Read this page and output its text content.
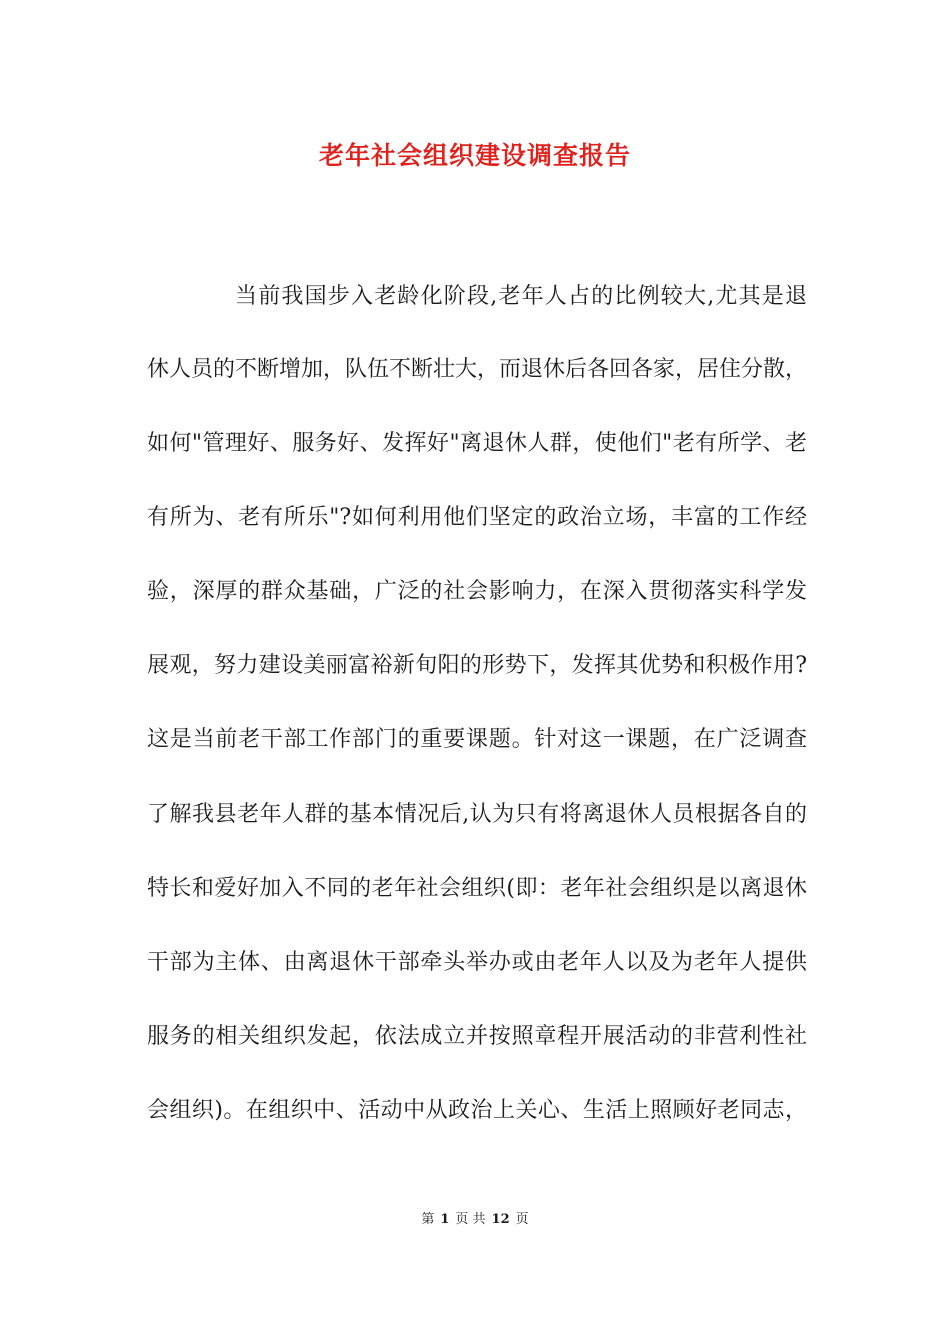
老年社会组织建设调查报告

当前我国步入老龄化阶段,老年人占的比例较大,尤其是退

休人员的不断增加，队伍不断壮大，而退休后各回各家，居住分散，

如何"管理好、服务好、发挥好"离退休人群，使他们"老有所学、老

有所为、老有所乐"?如何利用他们坚定的政治立场，丰富的工作经

验，深厚的群众基础，广泛的社会影响力，在深入贯彻落实科学发

展观，努力建设美丽富裕新旬阳的形势下，发挥其优势和积极作用?

这是当前老干部工作部门的重要课题。针对这一课题，在广泛调查

了解我县老年人群的基本情况后,认为只有将离退休人员根据各自的

特长和爱好加入不同的老年社会组织(即：老年社会组织是以离退休

干部为主体、由离退休干部牵头举办或由老年人以及为老年人提供

服务的相关组织发起，依法成立并按照章程开展活动的非营利性社

会组织)。在组织中、活动中从政治上关心、生活上照顾好老同志，

第 1 页 共 12 页
